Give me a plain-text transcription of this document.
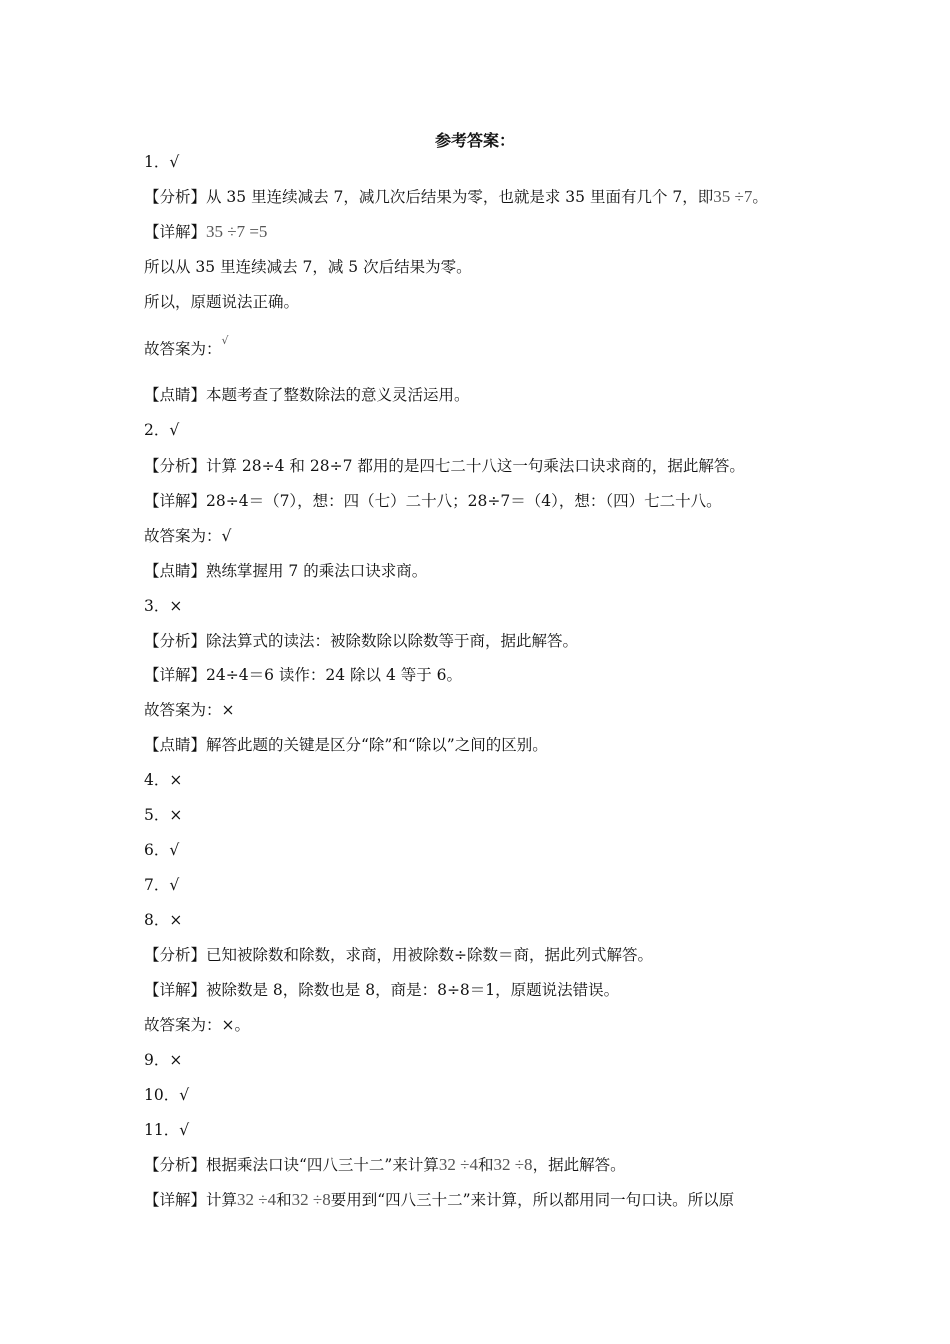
参考答案：
1．√
【分析】从 35 里连续减去 7，减几次后结果为零，也就是求 35 里面有几个 7，即35 ÷7。
【详解】35 ÷7 =5
所以从 35 里连续减去 7，减 5 次后结果为零。
所以，原题说法正确。
故答案为：√
【点睛】本题考查了整数除法的意义灵活运用。
2．√
【分析】计算 28÷4 和 28÷7 都用的是四七二十八这一句乘法口诀求商的，据此解答。
【详解】28÷4＝（7），想：四（七）二十八；28÷7＝（4），想：（四）七二十八。
故答案为：√
【点睛】熟练掌握用 7 的乘法口诀求商。
3．×
【分析】除法算式的读法：被除数除以除数等于商，据此解答。
【详解】24÷4＝6 读作：24 除以 4 等于 6。
故答案为：×
【点睛】解答此题的关键是区分“除”和“除以”之间的区别。
4．×
5．×
6．√
7．√
8．×
【分析】已知被除数和除数，求商，用被除数÷除数＝商，据此列式解答。
【详解】被除数是 8，除数也是 8，商是：8÷8＝1，原题说法错误。
故答案为：×。
9．×
10．√
11．√
【分析】根据乘法口诀“四八三十二”来计算32 ÷4和32 ÷8，据此解答。
【详解】计算32 ÷4和32 ÷8要用到“四八三十二”来计算，所以都用同一句口诀。所以原
